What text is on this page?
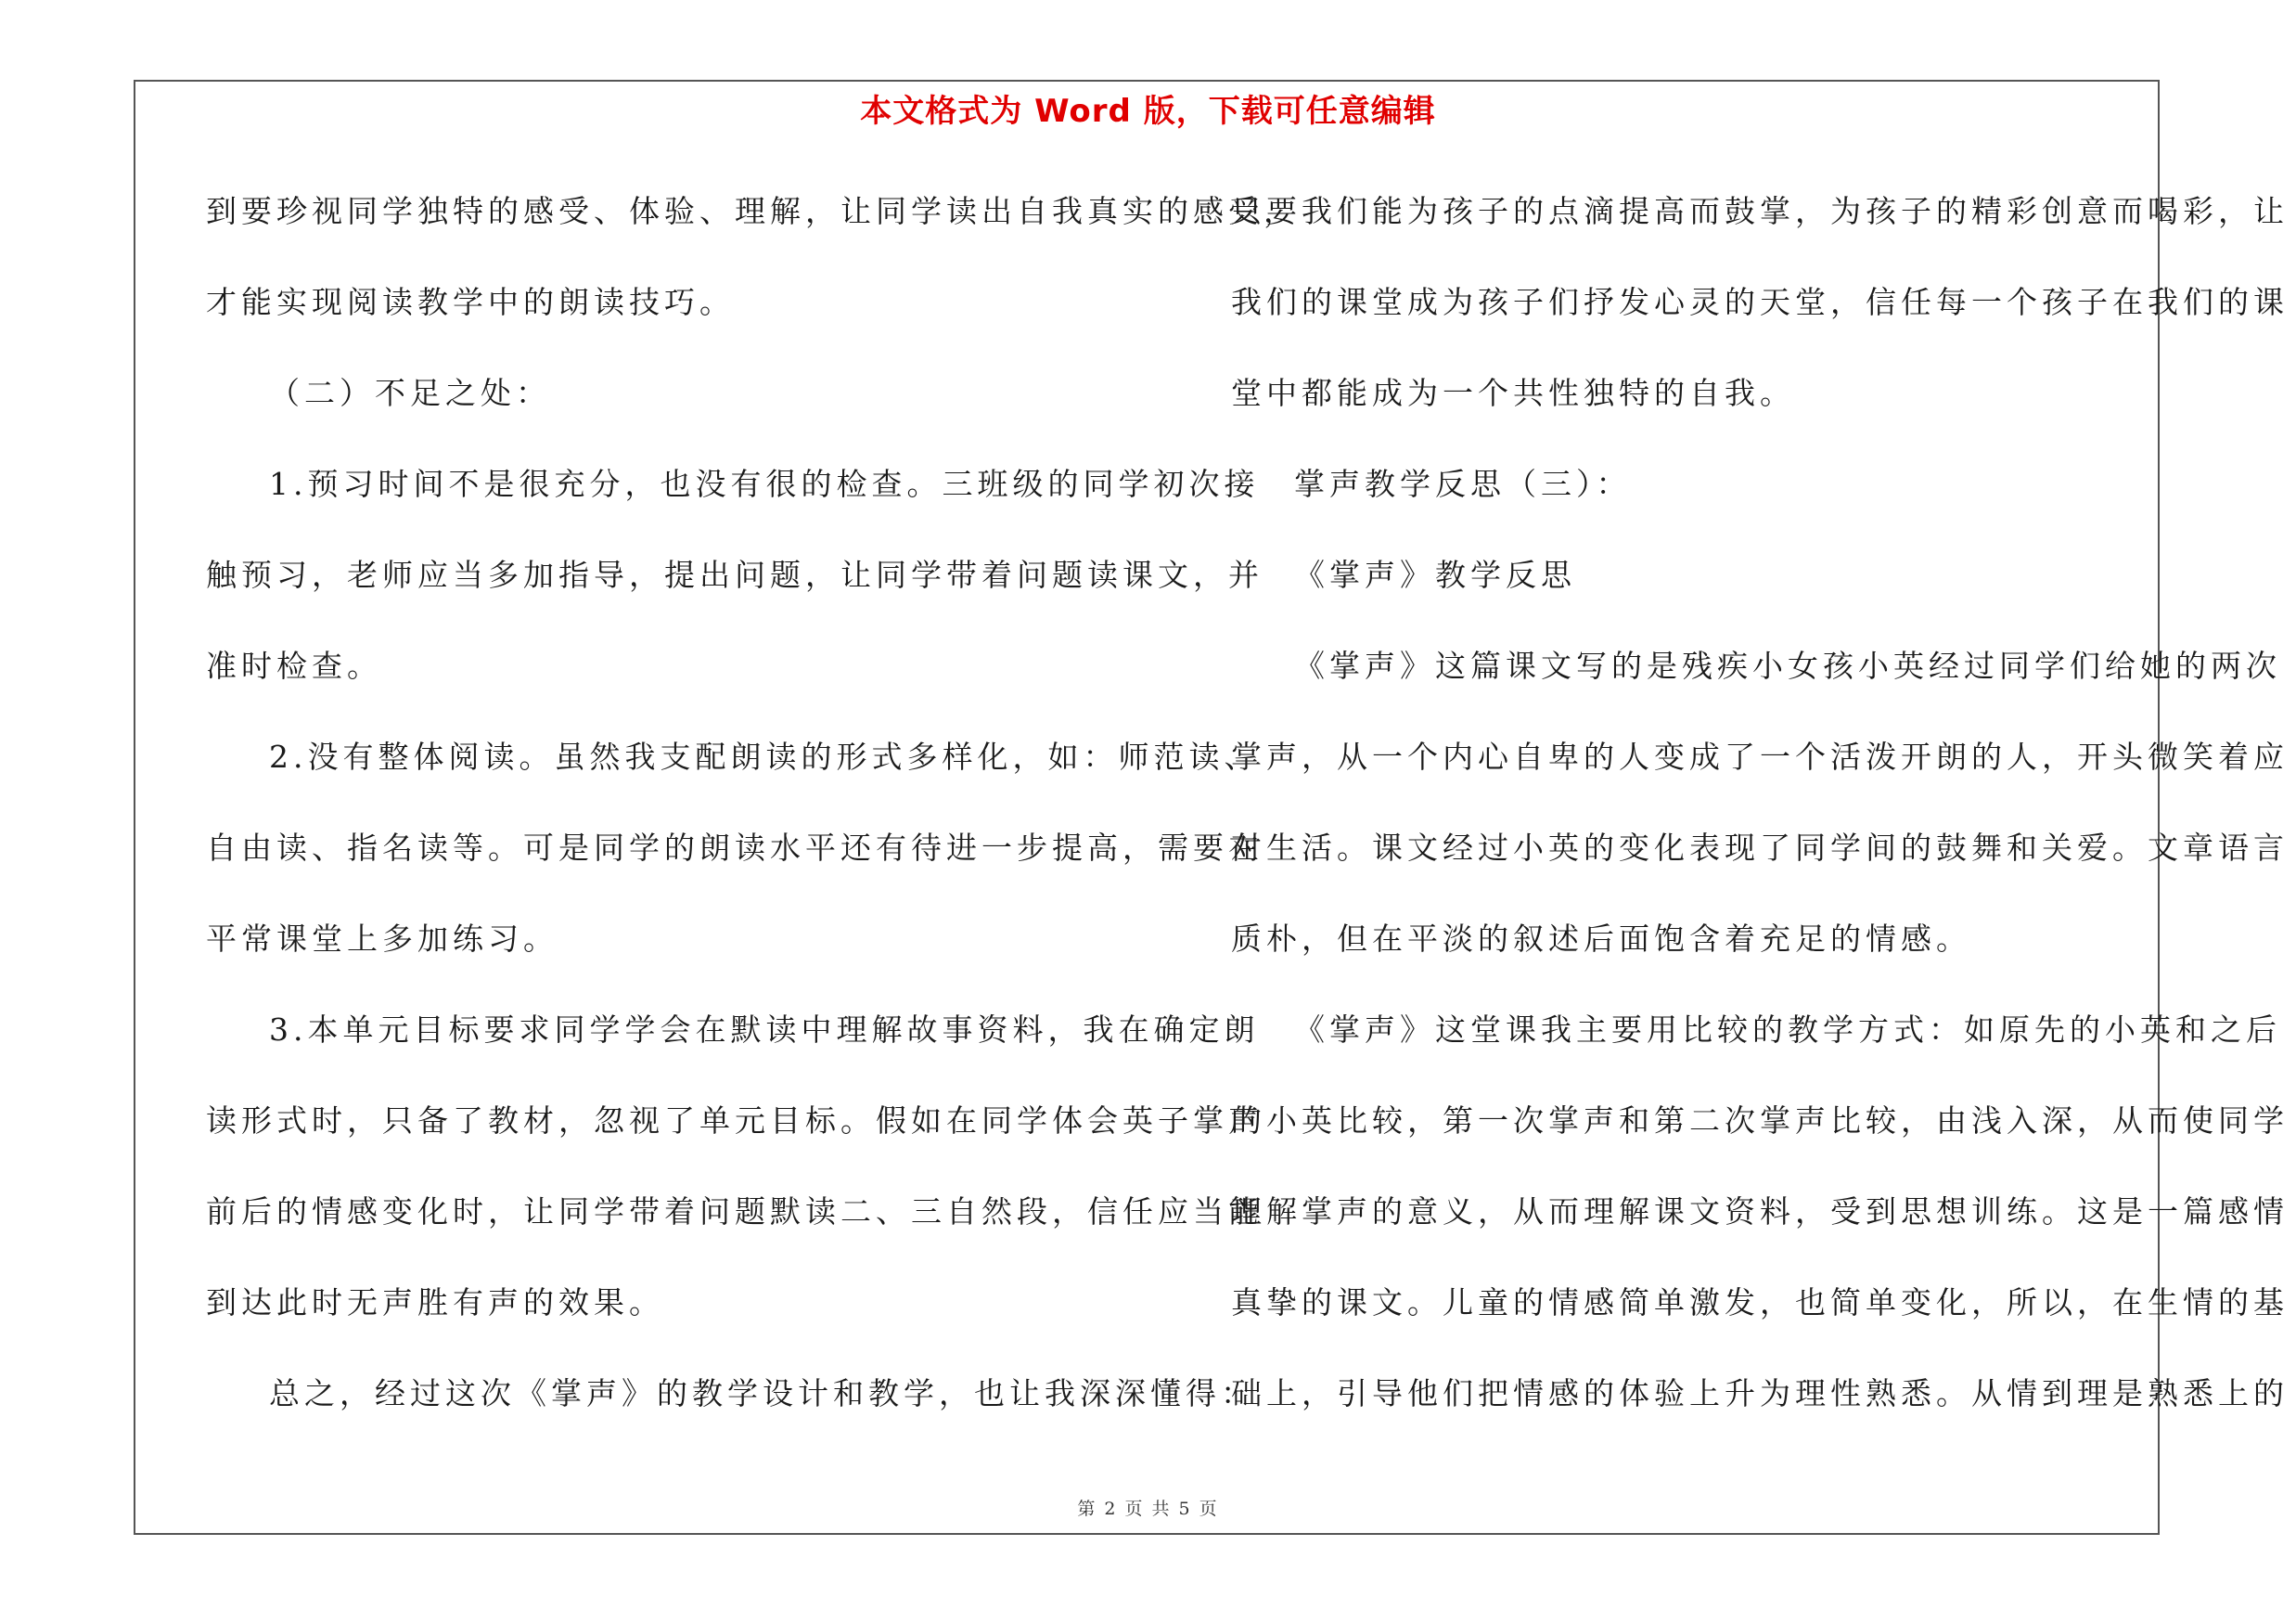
本文格式为 Word 版，下载可任意编辑
到要珍视同学独特的感受、体验、理解，让同学读出自我真实的感受，
才能实现阅读教学中的朗读技巧。
（二）不足之处：
1.预习时间不是很充分，也没有很的检查。三班级的同学初次接
触预习，老师应当多加指导，提出问题，让同学带着问题读课文，并
准时检查。
2.没有整体阅读。虽然我支配朗读的形式多样化，如：师范读、
自由读、指名读等。可是同学的朗读水平还有待进一步提高，需要在
平常课堂上多加练习。
3.本单元目标要求同学学会在默读中理解故事资料，我在确定朗
读形式时，只备了教材，忽视了单元目标。假如在同学体会英子掌声
前后的情感变化时，让同学带着问题默读二、三自然段，信任应当能
到达此时无声胜有声的效果。
总之，经过这次《掌声》的教学设计和教学，也让我深深懂得：
只要我们能为孩子的点滴提高而鼓掌，为孩子的精彩创意而喝彩，让
我们的课堂成为孩子们抒发心灵的天堂，信任每一个孩子在我们的课
堂中都能成为一个共性独特的自我。
掌声教学反思（三）：
《掌声》教学反思
《掌声》这篇课文写的是残疾小女孩小英经过同学们给她的两次
掌声，从一个内心自卑的人变成了一个活泼开朗的人，开头微笑着应
对生活。课文经过小英的变化表现了同学间的鼓舞和关爱。文章语言
质朴，但在平淡的叙述后面饱含着充足的情感。
《掌声》这堂课我主要用比较的教学方式：如原先的小英和之后
的小英比较，第一次掌声和第二次掌声比较，由浅入深，从而使同学
理解掌声的意义，从而理解课文资料，受到思想训练。这是一篇感情
真挚的课文。儿童的情感简单激发，也简单变化，所以，在生情的基
础上，引导他们把情感的体验上升为理性熟悉。从情到理是熟悉上的
第 2 页 共 5 页
